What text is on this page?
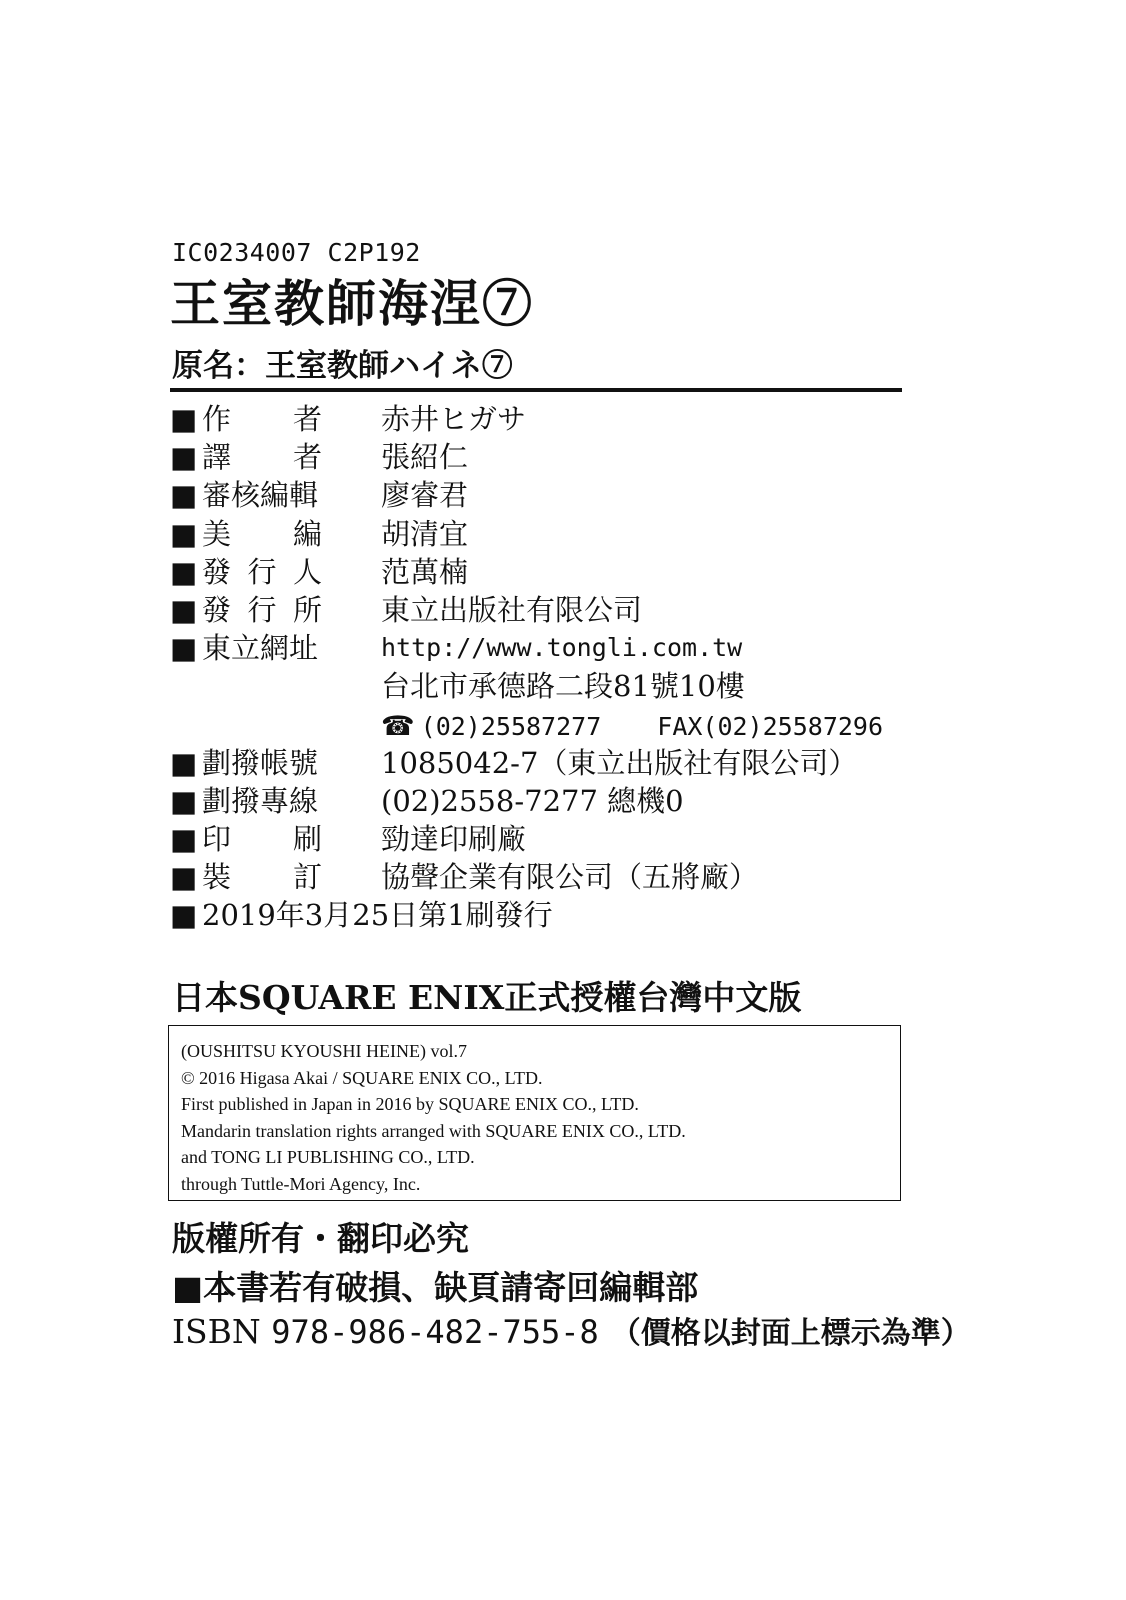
IC0234007 C2P192
王室教師海涅⑦
原名：王室教師ハイネ⑦
■ 作 者 赤井ヒガサ
■ 譯 者 張紹仁
■ 審核編輯 廖睿君
■ 美 編 胡清宜
■ 發 行 人 范萬楠
■ 發 行 所 東立出版社有限公司
■ 東立網址	http://www.tongli.com.tw
台北市承德路二段81號10樓
☎ (02)25587277 FAX(02)25587296
■ 劃撥帳號 1085042-7（東立出版社有限公司）
■ 劃撥專線 (02)2558-7277 總機0
■ 印 刷 勁達印刷廠
■ 裝 訂 協聲企業有限公司（五將廠）
■ 2019年3月25日第1刷發行
日本SQUARE ENIX正式授權台灣中文版
(OUSHITSU KYOUSHI HEINE) vol.7
© 2016 Higasa Akai / SQUARE ENIX CO., LTD.
First published in Japan in 2016 by SQUARE ENIX CO., LTD.
Mandarin translation rights arranged with SQUARE ENIX CO., LTD.
and TONG LI PUBLISHING CO., LTD.
through Tuttle-Mori Agency, Inc.
版權所有・翻印必究
■本書若有破損、缺頁請寄回編輯部
ISBN 978-986-482-755-8 （價格以封面上標示為準）
